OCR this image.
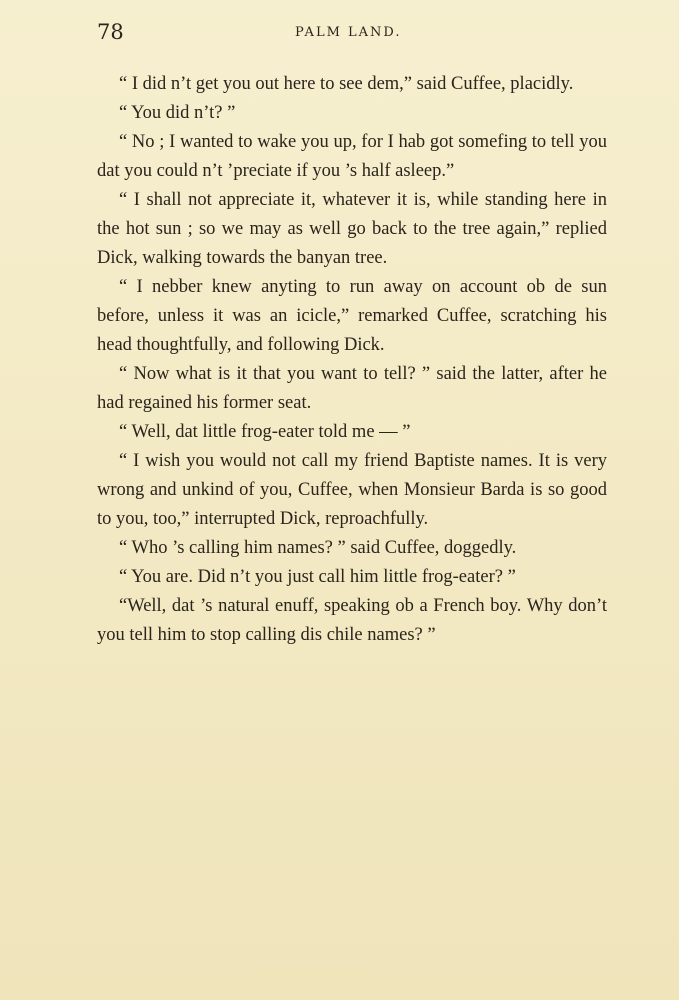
78	PALM LAND.

“ I did n’t get you out here to see dem,” said Cuffee, placidly.

“ You did n’t? ”

“ No ; I wanted to wake you up, for I hab got somefing to tell you dat you could n’t ’preciate if you ’s half asleep.”

“ I shall not appreciate it, whatever it is, while standing here in the hot sun ; so we may as well go back to the tree again,” replied Dick, walking towards the banyan tree.

“ I nebber knew anyting to run away on account ob de sun before, unless it was an icicle,” remarked Cuffee, scratching his head thoughtfully, and following Dick.

“ Now what is it that you want to tell? ” said the latter, after he had regained his former seat.

“ Well, dat little frog-eater told me — ”

“ I wish you would not call my friend Baptiste names. It is very wrong and unkind of you, Cuffee, when Monsieur Barda is so good to you, too,” interrupted Dick, reproachfully.

“ Who ’s calling him names? ” said Cuffee, doggedly.

“ You are. Did n’t you just call him little frog-eater? ”

“Well, dat ’s natural enuff, speaking ob a French boy. Why don’t you tell him to stop calling dis chile names? ”
